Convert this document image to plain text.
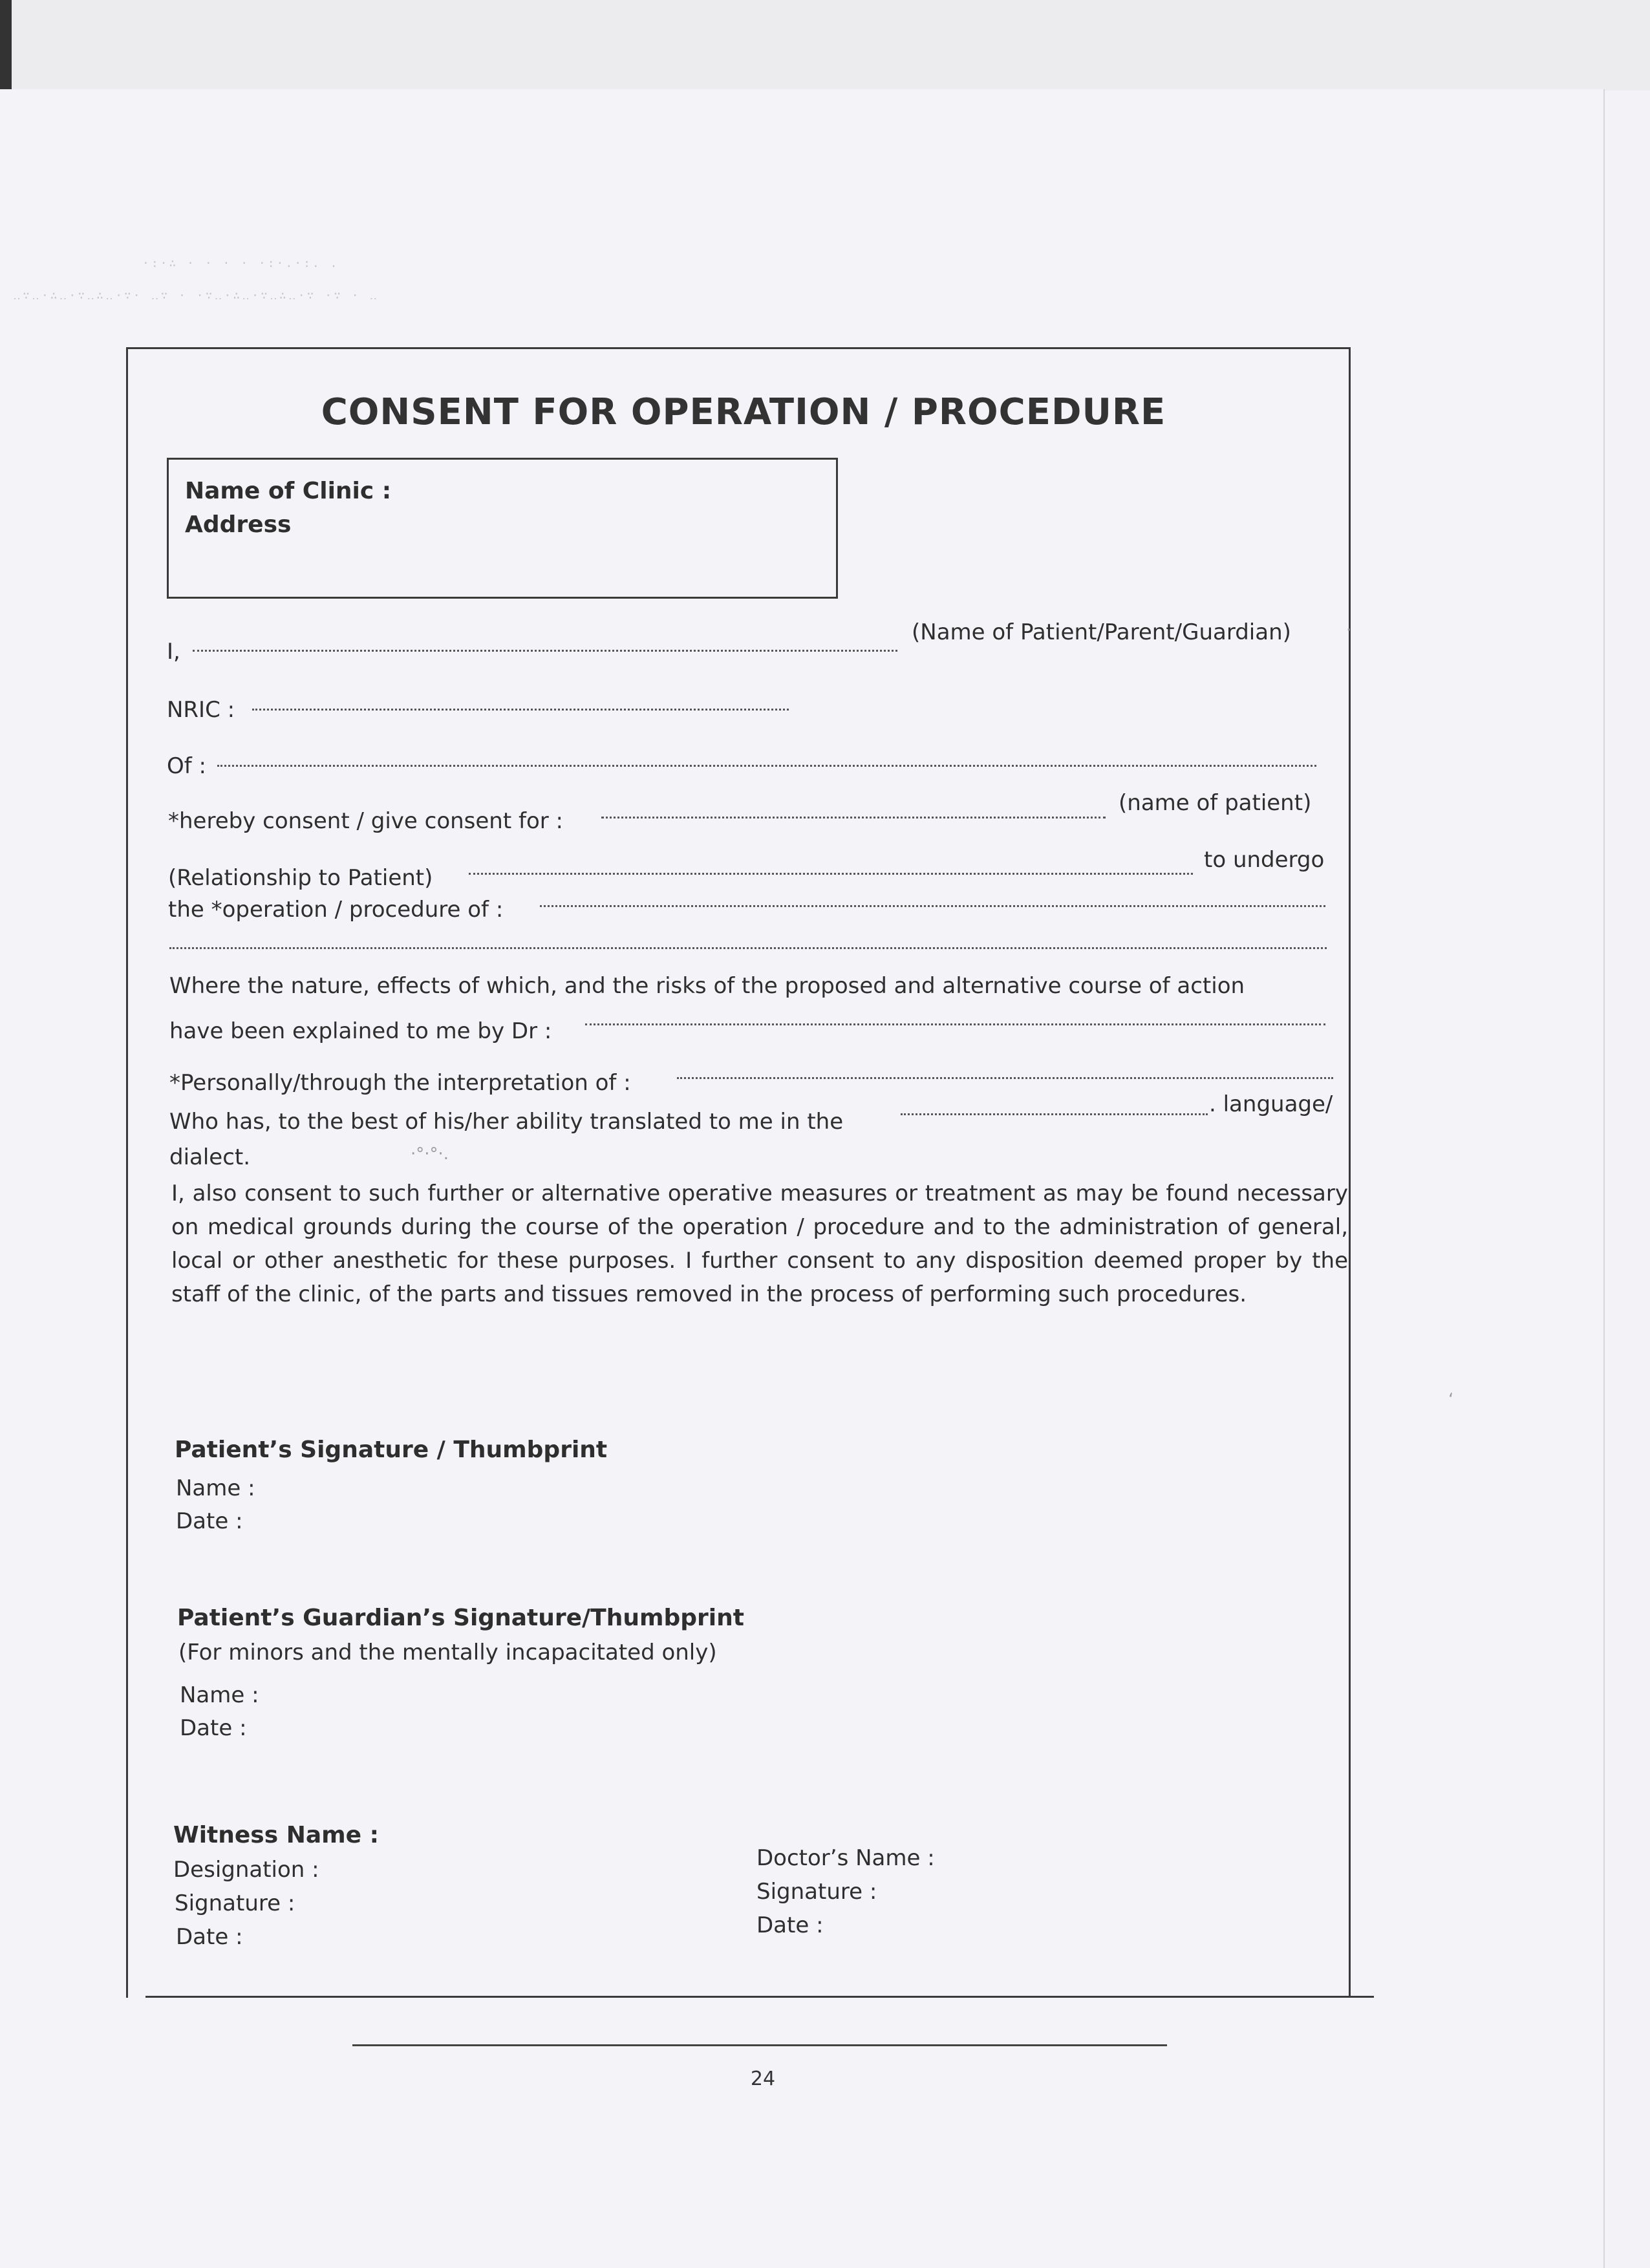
·:·∴ · · · · ·:·.·:. .
‥∵‥·∴‥·∵‥∴‥·∵· ‥∵ · ·∵‥·∴‥·∵‥∴‥·∵ ·∵ · ‥
CONSENT FOR OPERATION / PROCEDURE
Name of Clinic :
Address
I,
(Name of Patient/Parent/Guardian)
NRIC :
Of :
*hereby consent / give consent for :
(name of patient)
(Relationship to Patient)
to undergo
the *operation / procedure of :
Where the nature, effects of which, and the risks of the proposed and alternative course of action
have been explained to me by Dr :
*Personally/through the interpretation of :
Who has, to the best of his/her ability translated to me in the
. language/
dialect.
I, also consent to such further or alternative operative measures or treatment as may be found necessary on medical grounds during the course of the operation / procedure and to the administration of general, local or other anesthetic for these purposes. I further consent to any disposition deemed proper by the staff of the clinic, of the parts and tissues removed in the process of performing such procedures.
Patient’s Signature / Thumbprint
Name :
Date :
Patient’s Guardian’s Signature/Thumbprint
(For minors and the mentally incapacitated only)
Name :
Date :
Witness Name :
Designation :
Signature :
Date :
Doctor’s Name :
Signature :
Date :
·°·°·.
ʻ
·
24
